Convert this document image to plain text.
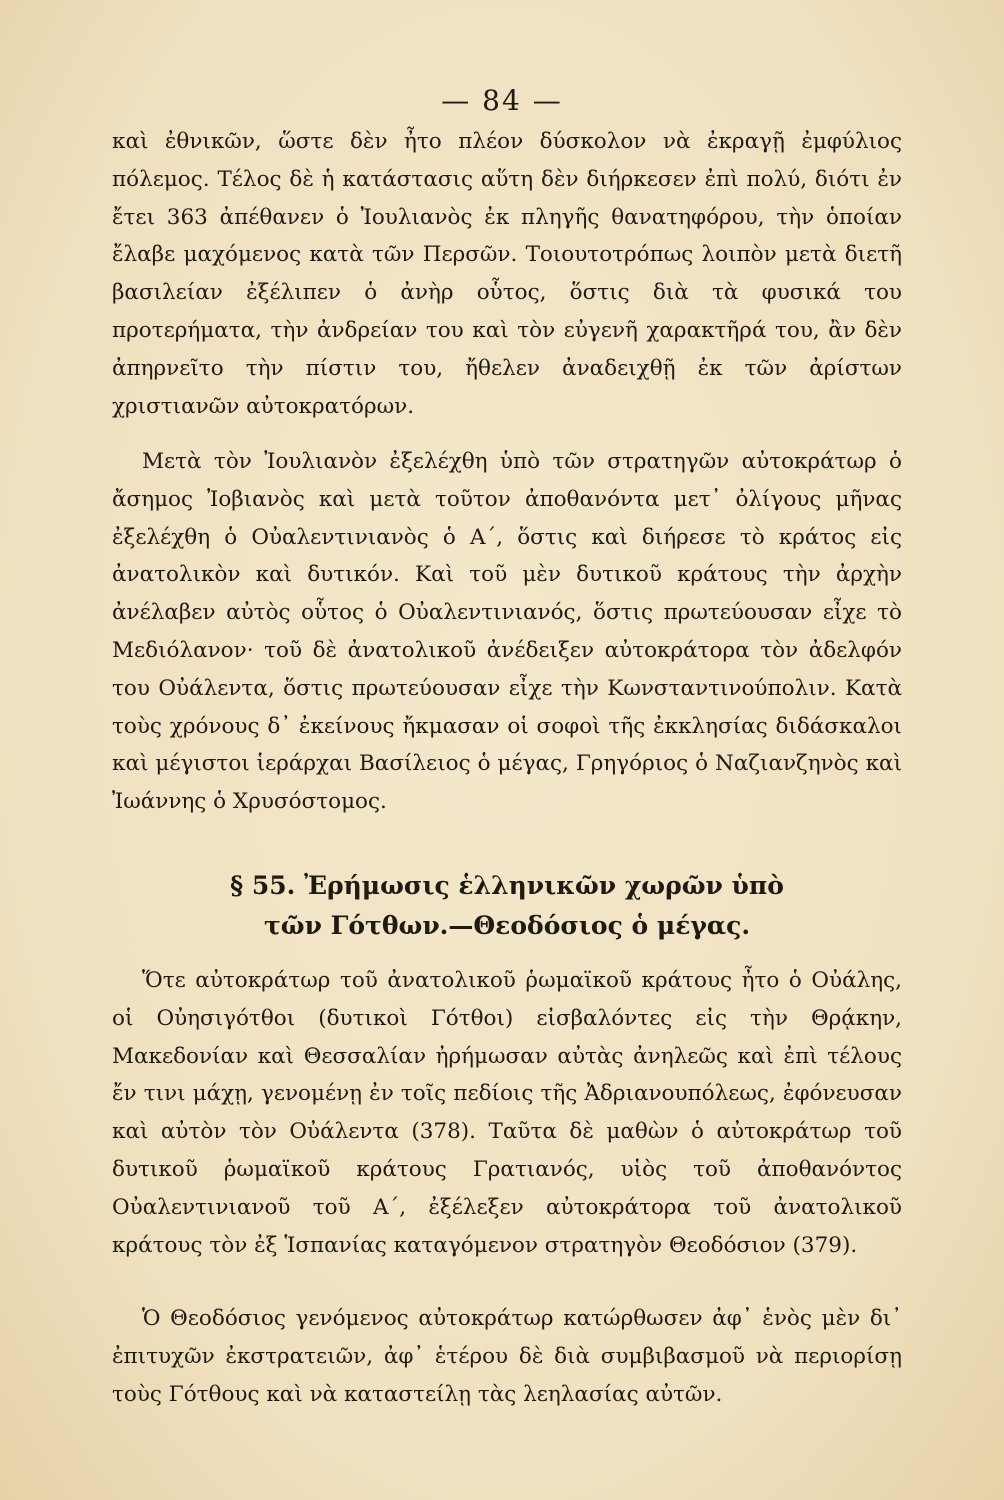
— 84 —

καὶ ἐθνικῶν, ὥστε δὲν ἦτο πλέον δύσκολον νὰ ἐκραγῇ ἐμφύλιος πόλεμος. Τέλος δὲ ἡ κατάστασις αὕτη δὲν διήρκεσεν ἐπὶ πολύ, διότι ἐν ἔτει 363 ἀπέθανεν ὁ Ἰουλιανὸς ἐκ πληγῆς θανατηφόρου, τὴν ὁποίαν ἔλαβε μαχόμενος κατὰ τῶν Περσῶν. Τοιουτοτρόπως λοιπὸν μετὰ διετῆ βασιλείαν ἐξέλιπεν ὁ ἀνὴρ οὗτος, ὅστις διὰ τὰ φυσικά του προτερήματα, τὴν ἀνδρείαν του καὶ τὸν εὐγενῆ χαρακτῆρά του, ἂν δὲν ἀπηρνεῖτο τὴν πίστιν του, ἤθελεν ἀναδειχθῇ ἐκ τῶν ἀρίστων χριστιανῶν αὐτοκρατόρων.

Μετὰ τὸν Ἰουλιανὸν ἐξελέχθη ὑπὸ τῶν στρατηγῶν αὐτοκράτωρ ὁ ἄσημος Ἰοβιανὸς καὶ μετὰ τοῦτον ἀποθανόντα μετ᾽ ὀλίγους μῆνας ἐξελέχθη ὁ Οὐαλεντινιανὸς ὁ Α΄, ὅστις καὶ διήρεσε τὸ κράτος εἰς ἀνατολικὸν καὶ δυτικόν. Καὶ τοῦ μὲν δυτικοῦ κράτους τὴν ἀρχὴν ἀνέλαβεν αὐτὸς οὗτος ὁ Οὐαλεντινιανός, ὅστις πρωτεύουσαν εἶχε τὸ Μεδιόλανον· τοῦ δὲ ἀνατολικοῦ ἀνέδειξεν αὐτοκράτορα τὸν ἀδελφόν του Οὐάλεντα, ὅστις πρωτεύουσαν εἶχε τὴν Κωνσταντινούπολιν. Κατὰ τοὺς χρόνους δ᾽ ἐκείνους ἤκμασαν οἱ σοφοὶ τῆς ἐκκλησίας διδάσκαλοι καὶ μέγιστοι ἱεράρχαι Βασίλειος ὁ μέγας, Γρηγόριος ὁ Ναζιανζηνὸς καὶ Ἰωάννης ὁ Χρυσόστομος.

§ 55. Ἐρήμωσις ἑλληνικῶν χωρῶν ὑπὸ
τῶν Γότθων.—Θεοδόσιος ὁ μέγας.

Ὅτε αὐτοκράτωρ τοῦ ἀνατολικοῦ ῥωμαϊκοῦ κράτους ἦτο ὁ Οὐάλης, οἱ Οὐησιγότθοι (δυτικοὶ Γότθοι) εἰσβαλόντες εἰς τὴν Θρᾴκην, Μακεδονίαν καὶ Θεσσαλίαν ἠρήμωσαν αὐτὰς ἀνηλεῶς καὶ ἐπὶ τέλους ἔν τινι μάχῃ, γενομένῃ ἐν τοῖς πεδίοις τῆς Ἀδριανουπόλεως, ἐφόνευσαν καὶ αὐτὸν τὸν Οὐάλεντα (378). Ταῦτα δὲ μαθὼν ὁ αὐτοκράτωρ τοῦ δυτικοῦ ῥωμαϊκοῦ κράτους Γρατιανός, υἱὸς τοῦ ἀποθανόντος Οὐαλεντινιανοῦ τοῦ Α΄, ἐξέλεξεν αὐτοκράτορα τοῦ ἀνατολικοῦ κράτους τὸν ἐξ Ἱσπανίας καταγόμενον στρατηγὸν Θεοδόσιον (379).

Ὁ Θεοδόσιος γενόμενος αὐτοκράτωρ κατώρθωσεν ἀφ᾽ ἑνὸς μὲν δι᾽ ἐπιτυχῶν ἐκστρατειῶν, ἀφ᾽ ἑτέρου δὲ διὰ συμβιβασμοῦ νὰ περιορίσῃ τοὺς Γότθους καὶ νὰ καταστείλῃ τὰς λεηλασίας αὐτῶν.
